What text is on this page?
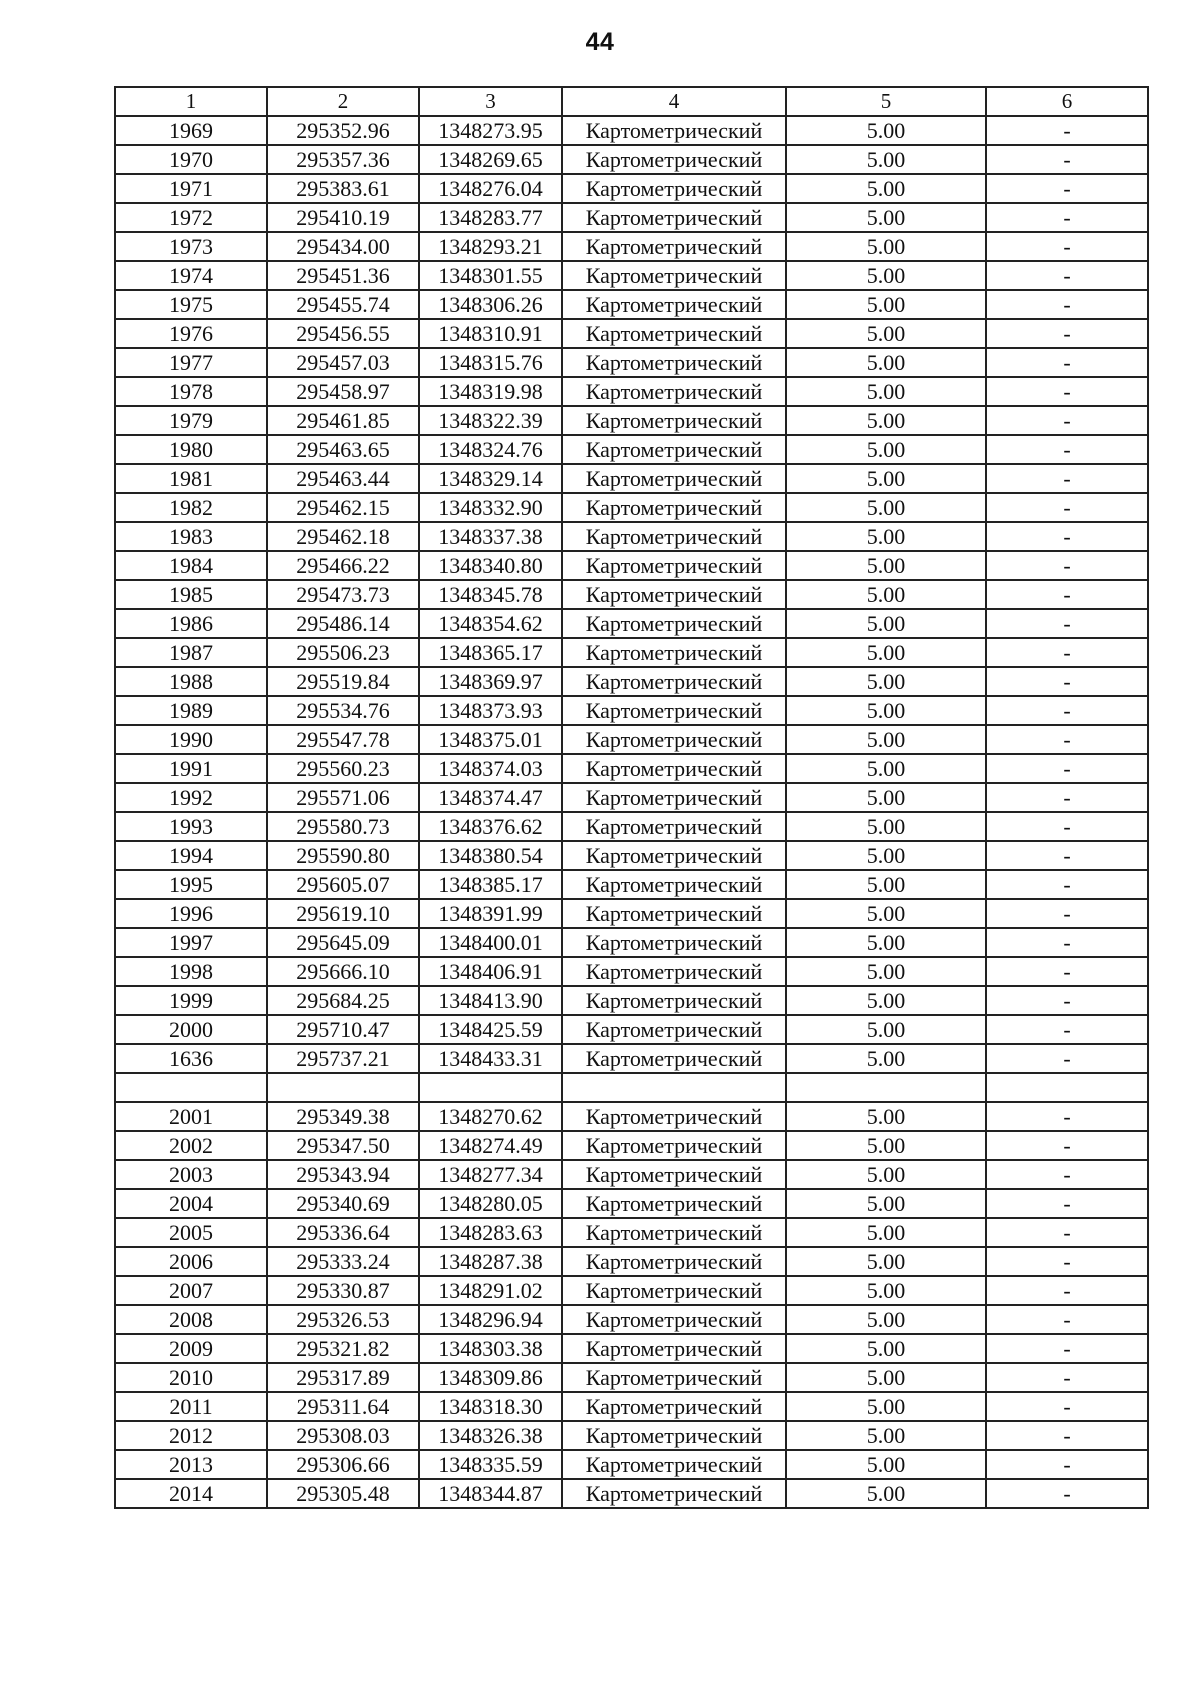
44
1	2	3	4	5	6
1969	295352.96	1348273.95	Картометрический	5.00	-
1970	295357.36	1348269.65	Картометрический	5.00	-
1971	295383.61	1348276.04	Картометрический	5.00	-
1972	295410.19	1348283.77	Картометрический	5.00	-
1973	295434.00	1348293.21	Картометрический	5.00	-
1974	295451.36	1348301.55	Картометрический	5.00	-
1975	295455.74	1348306.26	Картометрический	5.00	-
1976	295456.55	1348310.91	Картометрический	5.00	-
1977	295457.03	1348315.76	Картометрический	5.00	-
1978	295458.97	1348319.98	Картометрический	5.00	-
1979	295461.85	1348322.39	Картометрический	5.00	-
1980	295463.65	1348324.76	Картометрический	5.00	-
1981	295463.44	1348329.14	Картометрический	5.00	-
1982	295462.15	1348332.90	Картометрический	5.00	-
1983	295462.18	1348337.38	Картометрический	5.00	-
1984	295466.22	1348340.80	Картометрический	5.00	-
1985	295473.73	1348345.78	Картометрический	5.00	-
1986	295486.14	1348354.62	Картометрический	5.00	-
1987	295506.23	1348365.17	Картометрический	5.00	-
1988	295519.84	1348369.97	Картометрический	5.00	-
1989	295534.76	1348373.93	Картометрический	5.00	-
1990	295547.78	1348375.01	Картометрический	5.00	-
1991	295560.23	1348374.03	Картометрический	5.00	-
1992	295571.06	1348374.47	Картометрический	5.00	-
1993	295580.73	1348376.62	Картометрический	5.00	-
1994	295590.80	1348380.54	Картометрический	5.00	-
1995	295605.07	1348385.17	Картометрический	5.00	-
1996	295619.10	1348391.99	Картометрический	5.00	-
1997	295645.09	1348400.01	Картометрический	5.00	-
1998	295666.10	1348406.91	Картометрический	5.00	-
1999	295684.25	1348413.90	Картометрический	5.00	-
2000	295710.47	1348425.59	Картометрический	5.00	-
1636	295737.21	1348433.31	Картометрический	5.00	-

2001	295349.38	1348270.62	Картометрический	5.00	-
2002	295347.50	1348274.49	Картометрический	5.00	-
2003	295343.94	1348277.34	Картометрический	5.00	-
2004	295340.69	1348280.05	Картометрический	5.00	-
2005	295336.64	1348283.63	Картометрический	5.00	-
2006	295333.24	1348287.38	Картометрический	5.00	-
2007	295330.87	1348291.02	Картометрический	5.00	-
2008	295326.53	1348296.94	Картометрический	5.00	-
2009	295321.82	1348303.38	Картометрический	5.00	-
2010	295317.89	1348309.86	Картометрический	5.00	-
2011	295311.64	1348318.30	Картометрический	5.00	-
2012	295308.03	1348326.38	Картометрический	5.00	-
2013	295306.66	1348335.59	Картометрический	5.00	-
2014	295305.48	1348344.87	Картометрический	5.00	-
